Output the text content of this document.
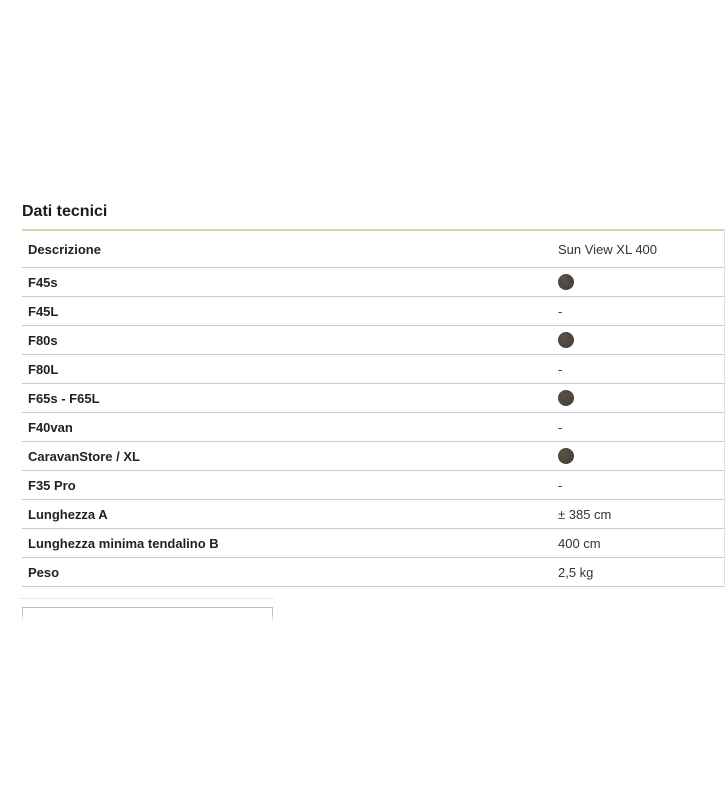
Dati tecnici
Descrizione	Sun View XL 400
F45s
F45L	-
F80s
F80L	-
F65s - F65L
F40van	-
CaravanStore / XL
F35 Pro	-
Lunghezza A	± 385 cm
Lunghezza minima tendalino B	400 cm
Peso	2,5 kg
